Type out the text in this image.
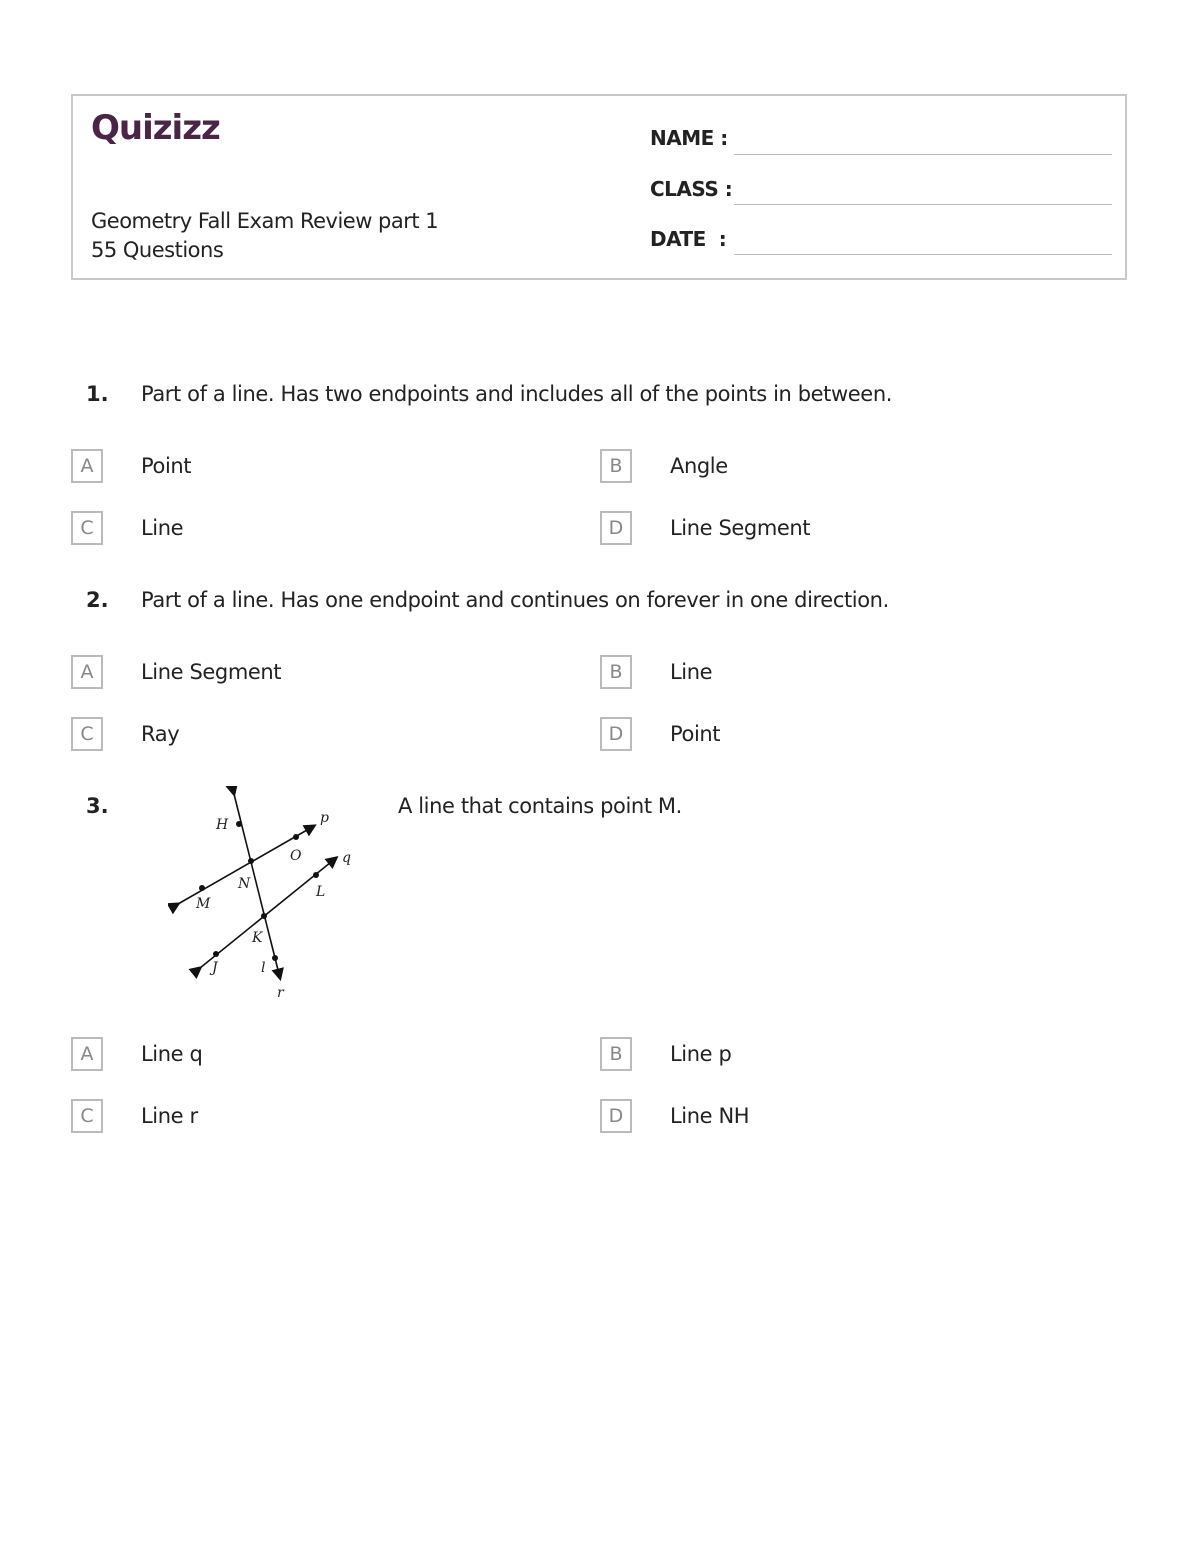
Quizizz
Geometry Fall Exam Review part 1
55 Questions
NAME :
CLASS :
DATE  :
1. Part of a line. Has two endpoints and includes all of the points in between.
A	Point	B	Angle
C	Line	D	Line Segment
2. Part of a line. Has one endpoint and continues on forever in one direction.
A	Line Segment	B	Line
C	Ray	D	Point
3.	A line that contains point M.
H	p
O	q
N	L
M
K
J	l
r
A	Line q	B	Line p
C	Line r	D	Line NH
